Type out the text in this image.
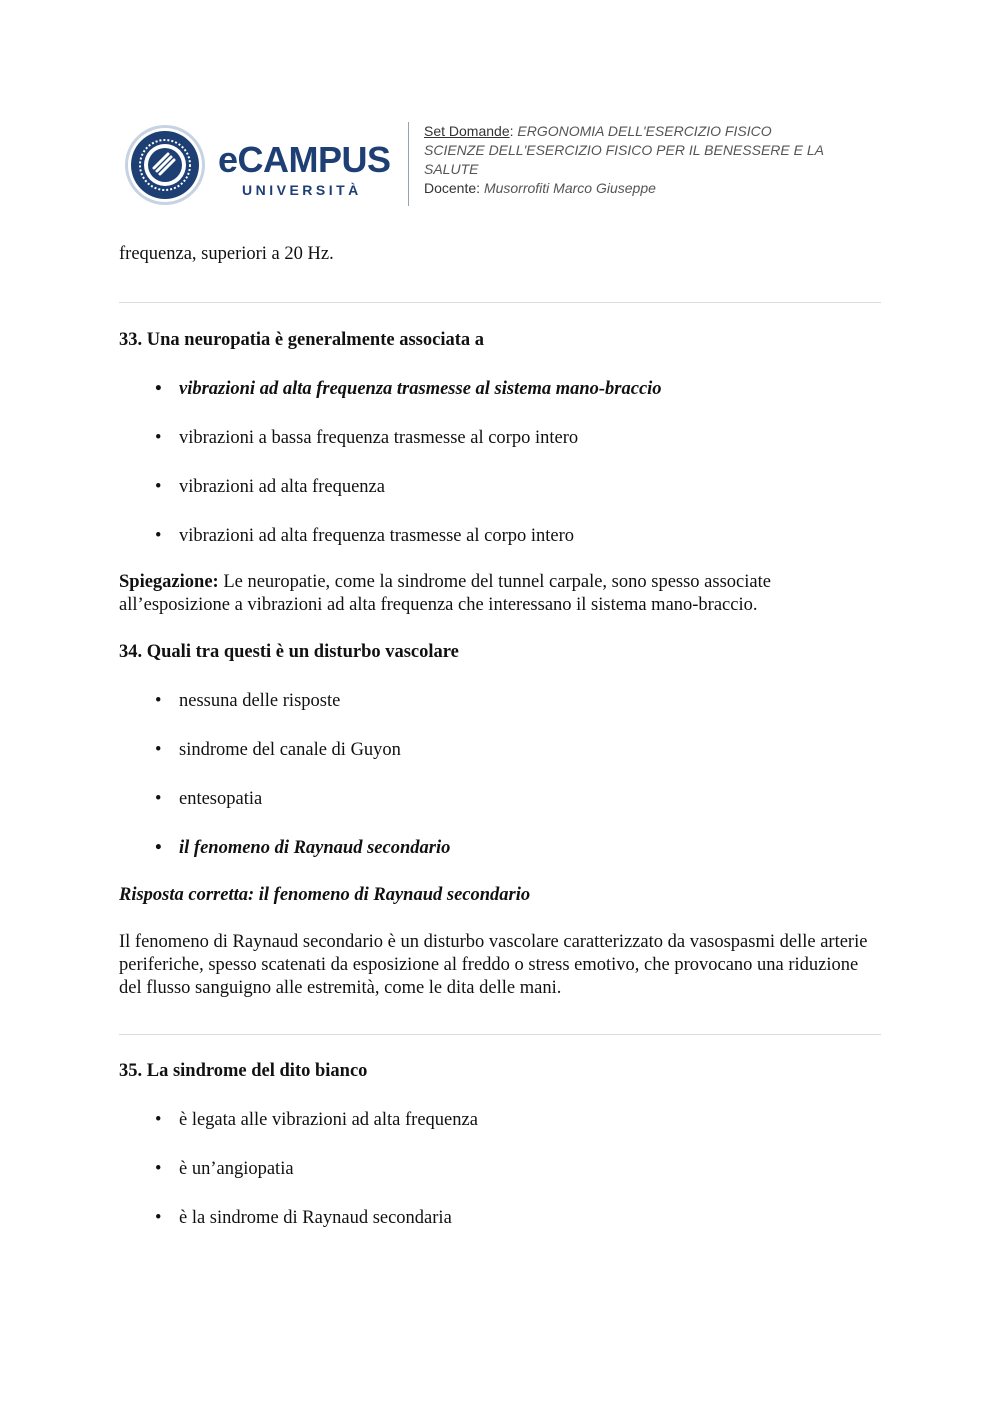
eCAMPUS
UNIVERSITÀ
Set Domande: ERGONOMIA DELL'ESERCIZIO FISICO
SCIENZE DELL'ESERCIZIO FISICO PER IL BENESSERE E LA SALUTE
Docente: Musorrofiti Marco Giuseppe

frequenza, superiori a 20 Hz.

33. Una neuropatia è generalmente associata a

• vibrazioni ad alta frequenza trasmesse al sistema mano-braccio
• vibrazioni a bassa frequenza trasmesse al corpo intero
• vibrazioni ad alta frequenza
• vibrazioni ad alta frequenza trasmesse al corpo intero

Spiegazione: Le neuropatie, come la sindrome del tunnel carpale, sono spesso associate all’esposizione a vibrazioni ad alta frequenza che interessano il sistema mano-braccio.

34. Quali tra questi è un disturbo vascolare

• nessuna delle risposte
• sindrome del canale di Guyon
• entesopatia
• il fenomeno di Raynaud secondario

Risposta corretta: il fenomeno di Raynaud secondario

Il fenomeno di Raynaud secondario è un disturbo vascolare caratterizzato da vasospasmi delle arterie periferiche, spesso scatenati da esposizione al freddo o stress emotivo, che provocano una riduzione del flusso sanguigno alle estremità, come le dita delle mani.

35. La sindrome del dito bianco

• è legata alle vibrazioni ad alta frequenza
• è un’angiopatia
• è la sindrome di Raynaud secondaria
